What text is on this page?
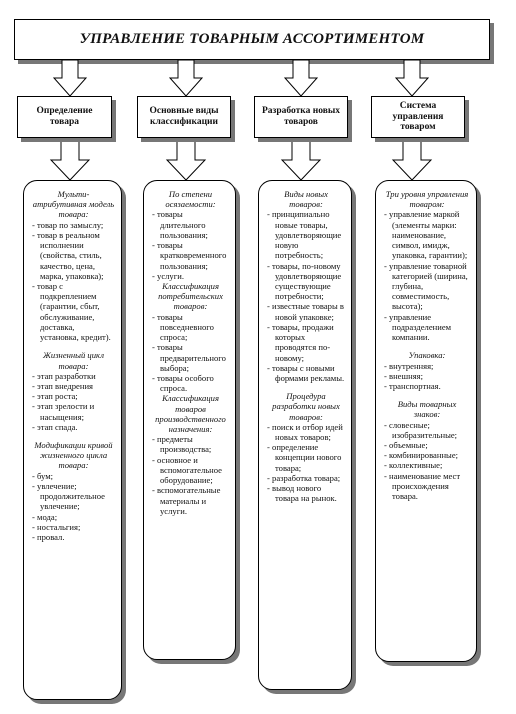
УПРАВЛЕНИЕ ТОВАРНЫМ АССОРТИМЕНТОМ
Определение товара
Основные виды классификации
Разработка новых товаров
Система управления товаром
Мульти-атрибутивная модель товара:
- товар по замыслу;
- товар в реальном исполнении (свойства, стиль, качество, цена, марка, упаковка);
- товар с подкреплением (гарантии, сбыт, обслуживание, доставка, установка, кредит).
Жизненный цикл товара:
- этап разработки
- этап внедрения
- этап роста;
- этап зрелости и насыщения;
- этап спада.
Модификации кривой жизненного цикла товара:
- бум;
- увлечение; продолжительное увлечение;
- мода;
- ностальгия;
- провал.
По степени осязаемости:
- товары длительного пользования;
- товары кратковременного пользования;
- услуги.
Классификация потребительских товаров:
- товары повседневного спроса;
- товары предварительного выбора;
- товары особого спроса.
Классификация товаров производственного назначения:
- предметы производства;
- основное и вспомогательное оборудование;
- вспомогательные материалы и услуги.
Виды новых товаров:
- принципиально новые товары, удовлетворяющие новую потребность;
- товары, по-новому удовлетворяющие существующие потребности;
- известные товары в новой упаковке;
- товары, продажи которых проводятся по-новому;
- товары с новыми формами рекламы.
Процедура разработки новых товаров:
- поиск и отбор идей новых товаров;
- определение концепции нового товара;
- разработка товара;
- вывод нового товара на рынок.
Три уровня управления товаром:
- управление маркой (элементы марки: наименование, символ, имидж, упаковка, гарантии);
- управление товарной категорией (ширина, глубина, совместимость, высота);
- управление подразделением компании.
Упаковка:
- внутренняя;
- внешняя;
- транспортная.
Виды товарных знаков:
- словесные; изобразительные;
- объемные;
- комбинированные;
- коллективные;
- наименование мест происхождения товара.
